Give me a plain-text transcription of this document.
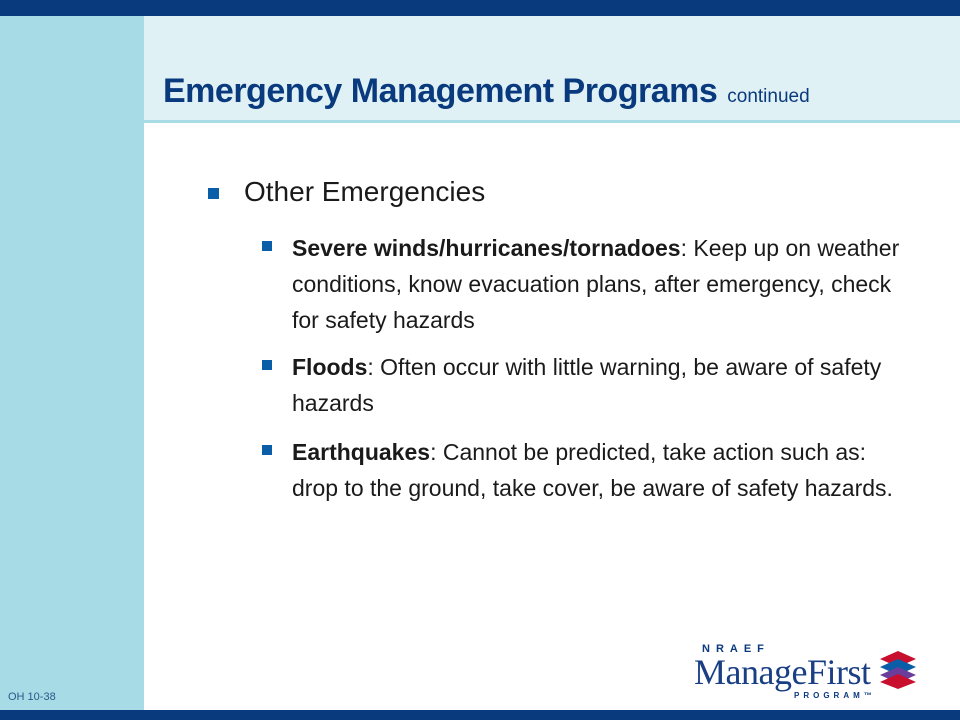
Emergency Management Programs continued
Other Emergencies
Severe winds/hurricanes/tornadoes: Keep up on weather conditions, know evacuation plans, after emergency, check for safety hazards
Floods: Often occur with little warning, be aware of safety hazards
Earthquakes: Cannot be predicted, take action such as: drop to the ground, take cover, be aware of safety hazards.
OH 10-38
NRAEF
ManageFirst
PROGRAM™
